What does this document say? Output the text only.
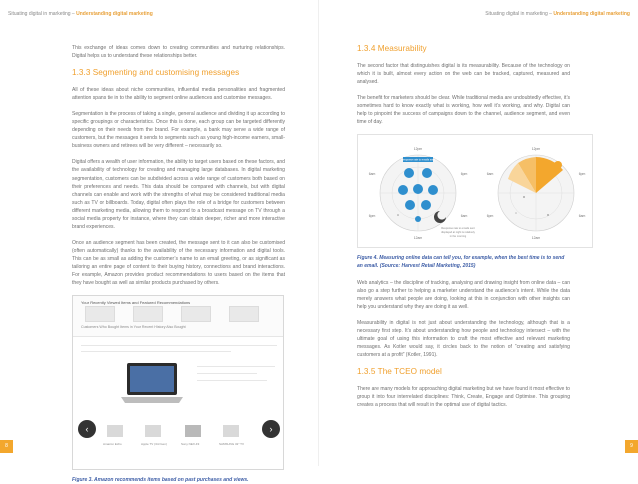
Situating digital in marketing – Understanding digital marketing

This exchange of ideas comes down to creating communities and nurturing relationships. Digital helps us to understand these relationships better.

1.3.3 Segmenting and customising messages

All of these ideas about niche communities, influential media personalities and fragmented attention spans tie in to the ability to segment online audiences and customise messages.

Segmentation is the process of taking a single, general audience and dividing it up according to specific groupings or characteristics. Once this is done, each group can be targeted differently depending on their needs from the brand. For example, a bank may serve a wide range of customers, but the messages it sends to segments such as young high-income earners, small-business owners and retirees will be very different – necessarily so.

Digital offers a wealth of user information, the ability to target users based on these factors, and the availability of technology for creating and managing large databases. In digital marketing segmentation, customers can be subdivided across a wide range of customers both based on their preferences and needs. This data should be compared with channels, but with digital channels can enable and work with the strengths of what may be considered traditional media such as TV or billboards. Today, digital often plays the role of a bridge for customers between different marketing media, allowing them to respond to a broadcast message on TV through a social media property for instance, where they can obtain deeper, richer and more interactive brand experiences.

Once an audience segment has been created, the message sent to it can also be customised (often automatically) thanks to the availability of the necessary information and digital tools. This can be as small as adding the customer’s name to an email greeting, or as significant as tailoring an entire page of content to their buying history, connections and brand interactions. For example, Amazon provides product recommendations to users based on the items that they have bought as well as similar products purchased by others.

Your Recently Viewed Items and Featured Recommendations
Customers Who Bought Items in Your Recent History Also Bought
‹	›
Amazon Echo	Apple TV (3rd Gen)	Sony NEX-F3	SAMSUNG 32" TV
Figure 3. Amazon recommends items based on past purchases and views.
8
Situating digital in marketing – Understanding digital marketing
1.3.4 Measurability

The second factor that distinguishes digital is its measurability. Because of the technology on which it is built, almost every action on the web can be tracked, captured, measured and analysed.

The benefit for marketers should be clear. While traditional media are undoubtedly effective, it’s sometimes hard to know exactly what is working, how well it’s working, and why. Digital can help to pinpoint the success of campaigns down to the channel, audience segment, and even time of day.

Response rate to emails sent
12pm
12am
6am	6pm
6pm	6am
Response rate to emails sent
displayed at night is relatively
in the morning
12pm
12am
6am	6pm
6pm	6am
Figure 4. Measuring online data can tell you, for example, when the best time is to send an email. (Source: Harvest Retail Marketing, 2015)

Web analytics – the discipline of tracking, analysing and drawing insight from online data – can also go a step further to helping a marketer understand the audience’s intent. While the data merely answers what people are doing, looking at this in conjunction with other insights can help you understand why they are doing it as well.

Measurability in digital is not just about understanding the technology, although that is a necessary first step. It’s about understanding how people and technology intersect – with the ultimate goal of using this information to craft the most effective and relevant marketing messages. As Kotler would say, it circles back to the notion of “creating and satisfying customers at a profit” (Kotler, 1991).

1.3.5 The TCEO model

There are many models for approaching digital marketing but we have found it most effective to group it into four interrelated disciplines: Think, Create, Engage and Optimise. This grouping creates a process that will result in the optimal use of digital tactics.

9
